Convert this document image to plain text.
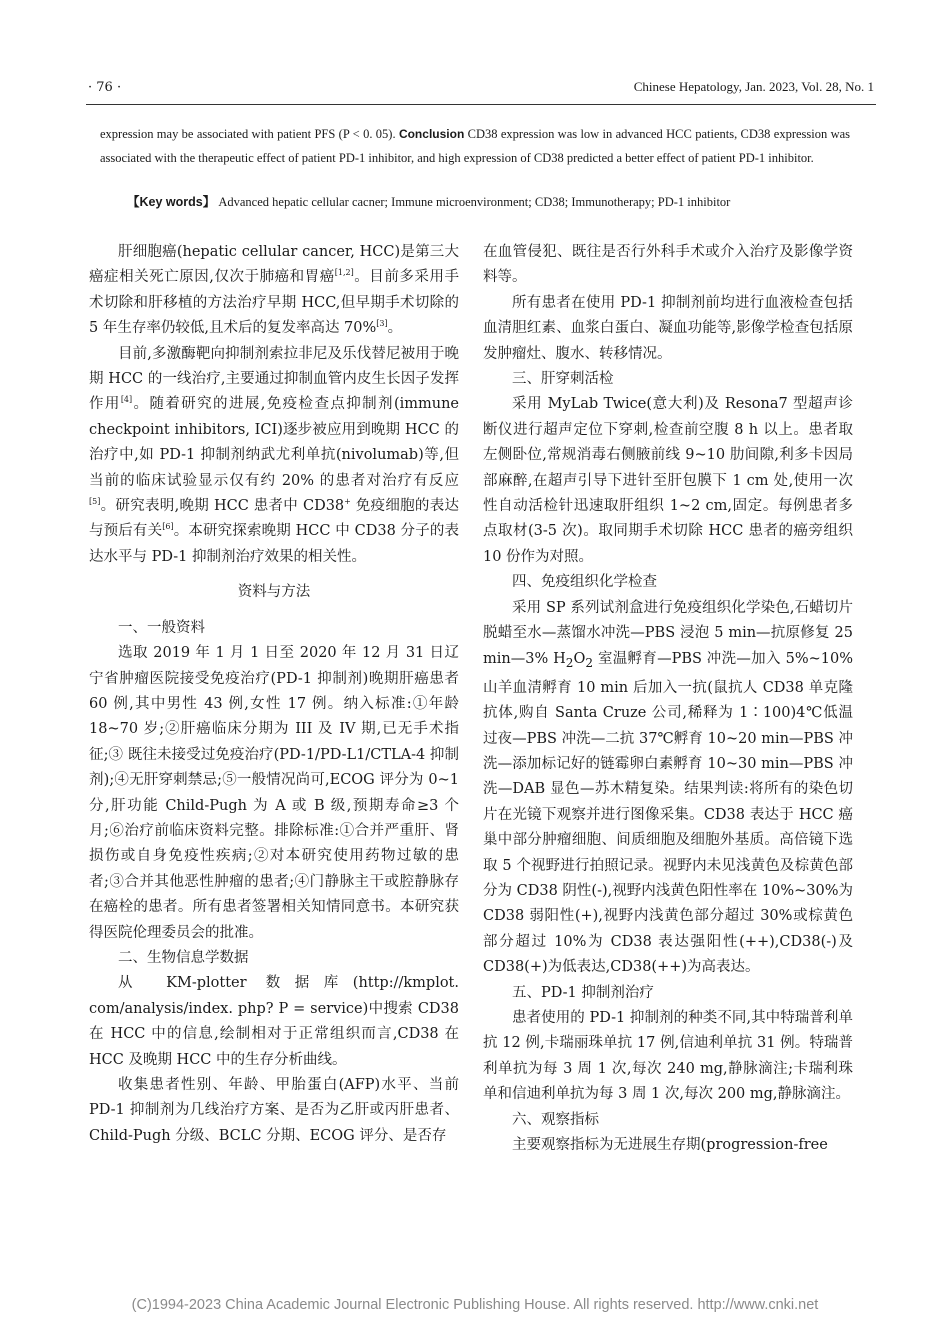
· 76 ·	Chinese Hepatology, Jan. 2023, Vol. 28, No. 1
expression may be associated with patient PFS (P < 0. 05). Conclusion CD38 expression was low in advanced HCC patients, CD38 expression was associated with the therapeutic effect of patient PD-1 inhibitor, and high expression of CD38 predicted a better effect of patient PD-1 inhibitor.
【Key words】 Advanced hepatic cellular cacner; Immune microenvironment; CD38; Immunotherapy; PD-1 inhibitor

肝细胞癌(hepatic cellular cancer, HCC)是第三大癌症相关死亡原因,仅次于肺癌和胃癌[1,2]。目前多采用手术切除和肝移植的方法治疗早期 HCC,但早期手术切除的 5 年生存率仍较低,且术后的复发率高达 70%[3]。

目前,多激酶靶向抑制剂索拉非尼及乐伐替尼被用于晚期 HCC 的一线治疗,主要通过抑制血管内皮生长因子发挥作用[4]。随着研究的进展,免疫检查点抑制剂(immune checkpoint inhibitors, ICI)逐步被应用到晚期 HCC 的治疗中,如 PD-1 抑制剂纳武尤利单抗(nivolumab)等,但当前的临床试验显示仅有约 20% 的患者对治疗有反应[5]。研究表明,晚期 HCC 患者中 CD38+ 免疫细胞的表达与预后有关[6]。本研究探索晚期 HCC 中 CD38 分子的表达水平与 PD-1 抑制剂治疗效果的相关性。

资料与方法

一、一般资料

选取 2019 年 1 月 1 日至 2020 年 12 月 31 日辽宁省肿瘤医院接受免疫治疗(PD-1 抑制剂)晚期肝癌患者 60 例,其中男性 43 例,女性 17 例。纳入标准:①年龄 18~70 岁;②肝癌临床分期为 III 及 IV 期,已无手术指征;③ 既往未接受过免疫治疗(PD-1/PD-L1/CTLA-4 抑制剂);④无肝穿刺禁忌;⑤一般情况尚可,ECOG 评分为 0~1 分,肝功能 Child-Pugh 为 A 或 B 级,预期寿命≥3 个月;⑥治疗前临床资料完整。排除标准:①合并严重肝、肾损伤或自身免疫性疾病;②对本研究使用药物过敏的患者;③合并其他恶性肿瘤的患者;④门静脉主干或腔静脉存在癌栓的患者。所有患者签署相关知情同意书。本研究获得医院伦理委员会的批准。

二、生物信息学数据

从 KM-plotter 数据库(http://kmplot. com/analysis/index. php? P = service)中搜索 CD38 在 HCC 中的信息,绘制相对于正常组织而言,CD38 在 HCC 及晚期 HCC 中的生存分析曲线。

收集患者性别、年龄、甲胎蛋白(AFP)水平、当前 PD-1 抑制剂为几线治疗方案、是否为乙肝或丙肝患者、Child-Pugh 分级、BCLC 分期、ECOG 评分、是否存

在血管侵犯、既往是否行外科手术或介入治疗及影像学资料等。

所有患者在使用 PD-1 抑制剂前均进行血液检查包括血清胆红素、血浆白蛋白、凝血功能等,影像学检查包括原发肿瘤灶、腹水、转移情况。

三、肝穿刺活检

采用 MyLab Twice(意大利)及 Resona7 型超声诊断仪进行超声定位下穿刺,检查前空腹 8 h 以上。患者取左侧卧位,常规消毒右侧腋前线 9~10 肋间隙,利多卡因局部麻醉,在超声引导下进针至肝包膜下 1 cm 处,使用一次性自动活检针迅速取肝组织 1~2 cm,固定。每例患者多点取材(3-5 次)。取同期手术切除 HCC 患者的癌旁组织 10 份作为对照。

四、免疫组织化学检查

采用 SP 系列试剂盒进行免疫组织化学染色,石蜡切片脱蜡至水—蒸馏水冲洗—PBS 浸泡 5 min—抗原修复 25 min—3% $H_2O_2$ 室温孵育—PBS 冲洗—加入 5%~10%山羊血清孵育 10 min 后加入一抗(鼠抗人 CD38 单克隆抗体,购自 Santa Cruze 公司,稀释为 1∶100)4℃低温过夜—PBS 冲洗—二抗 37℃孵育 10~20 min—PBS 冲洗—添加标记好的链霉卵白素孵育 10~30 min—PBS 冲洗—DAB 显色—苏木精复染。结果判读:将所有的染色切片在光镜下观察并进行图像采集。CD38 表达于 HCC 癌巢中部分肿瘤细胞、间质细胞及细胞外基质。高倍镜下选取 5 个视野进行拍照记录。视野内未见浅黄色及棕黄色部分为 CD38 阴性(-),视野内浅黄色阳性率在 10%~30%为 CD38 弱阳性(+),视野内浅黄色部分超过 30%或棕黄色部分超过 10%为 CD38 表达强阳性(++),CD38(-)及 CD38(+)为低表达,CD38(++)为高表达。

五、PD-1 抑制剂治疗

患者使用的 PD-1 抑制剂的种类不同,其中特瑞普利单抗 12 例,卡瑞丽珠单抗 17 例,信迪利单抗 31 例。特瑞普利单抗为每 3 周 1 次,每次 240 mg,静脉滴注;卡瑞利珠单和信迪利单抗为每 3 周 1 次,每次 200 mg,静脉滴注。

六、观察指标

主要观察指标为无进展生存期(progression-free

(C)1994-2023 China Academic Journal Electronic Publishing House. All rights reserved. http://www.cnki.net
